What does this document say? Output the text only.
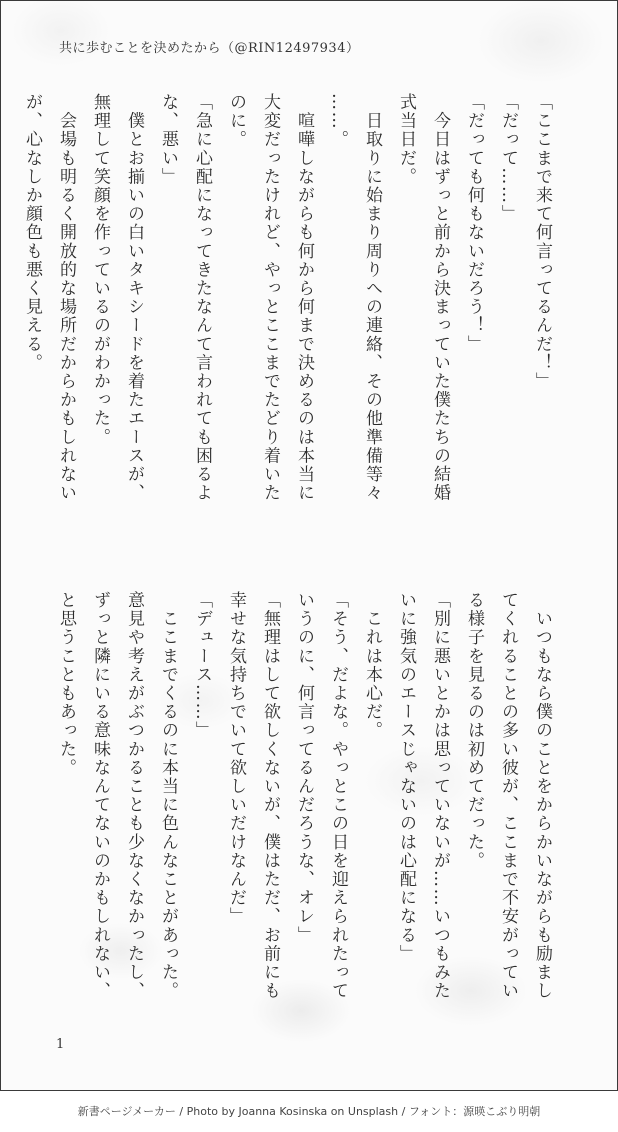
共に歩むことを決めたから（@RIN12497934）

「ここまで来て何言ってるんだ！」

「だって……」

「だっても何もないだろう！」

　今日はずっと前から決まっていた僕たちの結婚

式当日だ。

　日取りに始まり周りへの連絡、その他準備等々

……。

　喧嘩しながらも何から何まで決めるのは本当に

大変だったけれど、やっとここまでたどり着いた

のに。

「急に心配になってきたなんて言われても困るよ

な、悪い」

　僕とお揃いの白いタキシードを着たエースが、

無理して笑顔を作っているのがわかった。

　会場も明るく開放的な場所だからかもしれない

が、心なしか顔色も悪く見える。

　いつもなら僕のことをからかいながらも励まし

てくれることの多い彼が、ここまで不安がってい

る様子を見るのは初めてだった。

「別に悪いとかは思っていないが……いつもみた

いに強気のエースじゃないのは心配になる」

　これは本心だ。

「そう、だよな。やっとこの日を迎えられたって

いうのに、何言ってるんだろうな、オレ」

「無理はして欲しくないが、僕はただ、お前にも

幸せな気持ちでいて欲しいだけなんだ」

「デュース……」

　ここまでくるのに本当に色んなことがあった。

意見や考えがぶつかることも少なくなかったし、

ずっと隣にいる意味なんてないのかもしれない、

と思うこともあった。

1
新書ページメーカー / Photo by Joanna Kosinska on Unsplash / フォント：源暎こぶり明朝
